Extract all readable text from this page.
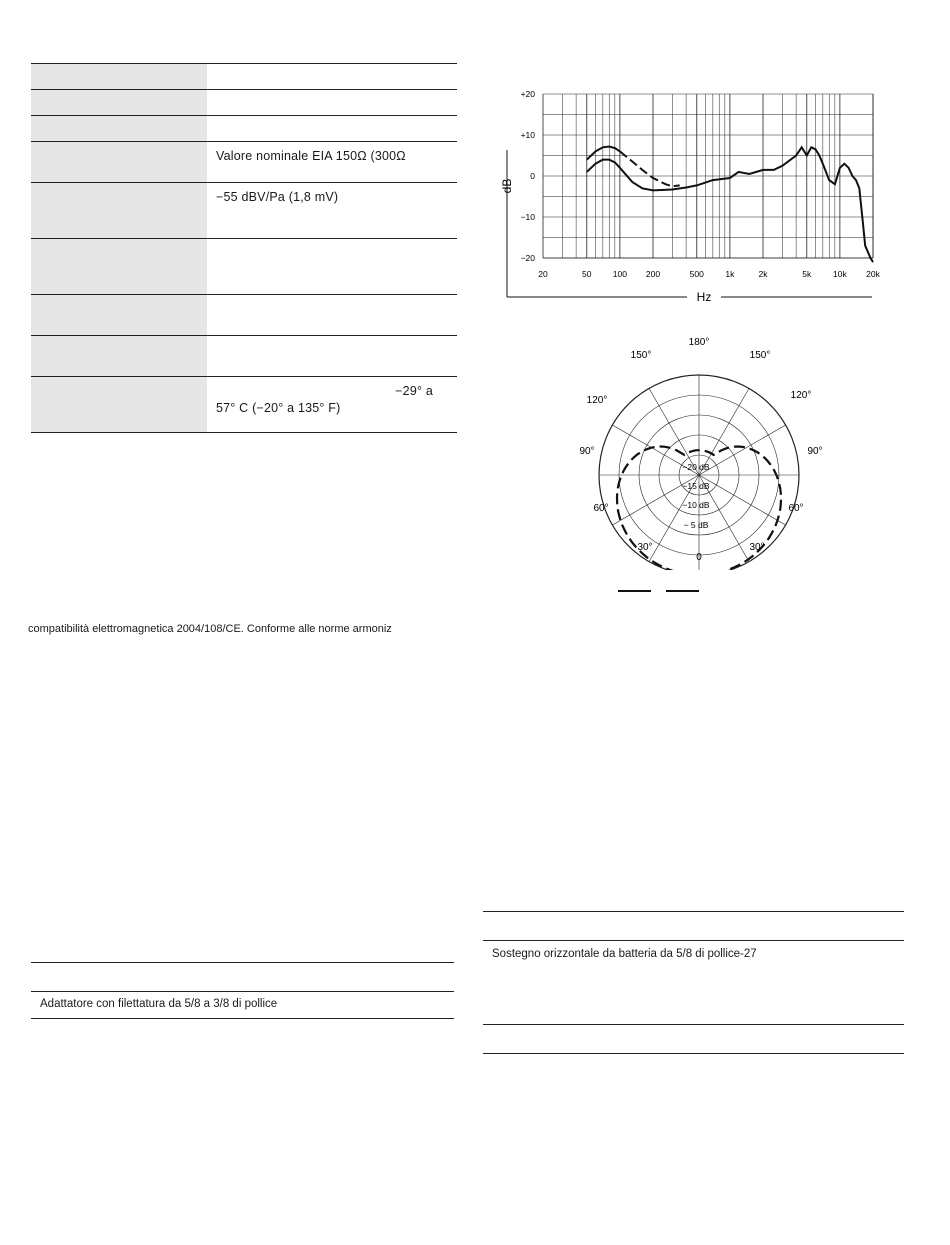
Valore nominale EIA 150Ω (300Ω
−55 dBV/Pa (1,8 mV)
−29° a
57° C (−20° a 135° F)
compatibilità elettromagnetica 2004/108/CE. Conforme alle norme armoniz
Adattatore con filettatura da 5/8 a 3/8 di pollice
Sostegno orizzontale da batteria da 5/8 di pollice-27
20	50	100 200	500	1k	2k	5k	10k 20k
+20
+10
0
−10
−20
Hz
dB
180°
150°	150°
120°	120°
90°	90°
60°	60°
30°	30°
0
−20 dB
−15 dB
−10 dB
− 5 dB
